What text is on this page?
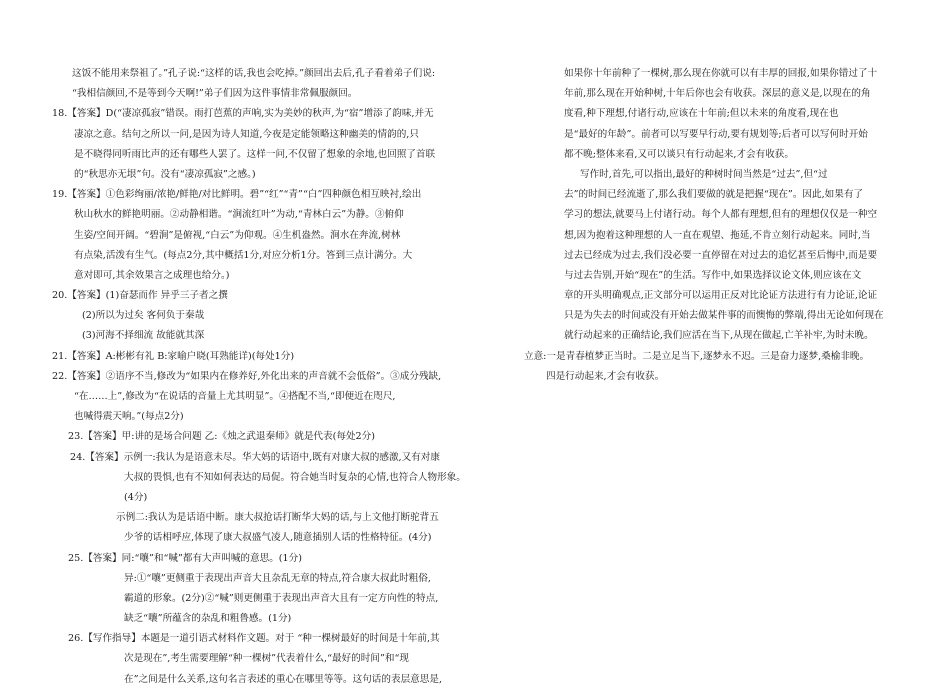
这饭不能用来祭祖了。”孔子说:“这样的话,我也会吃掉。”颜回出去后,孔子看着弟子们说:
“我相信颜回,不是等到今天啊!”弟子们因为这件事情非常佩服颜回。
18.【答案】D(“凄凉孤寂”错误。雨打芭蕉的声响,实为美妙的秋声,为“宿”增添了韵味,并无
凄凉之意。结句之所以一问,是因为诗人知道,今夜是定能领略这种幽美的情韵的,只
是不晓得同听雨比声的还有哪些人罢了。这样一问,不仅留了想象的余地,也回照了首联
的“秋思亦无垠”句。没有“凄凉孤寂”之感。)
19.【答案】①色彩绚丽/浓艳/鲜艳/对比鲜明。碧”“红”“青”“白”四种颜色相互映衬,绘出
秋山秋水的鲜艳明丽。②动静相谐。“涧流红叶”为动,“青林白云”为静。③俯仰
生姿/空间开阔。“碧涧”是俯视,“白云”为仰观。④生机盎然。涧水在奔流,树林
有点染,活泼有生气。(每点2分,其中概括1分,对应分析1分。答到三点计满分。大
意对即可,其余效果言之成理也给分。)
20.【答案】(1)奋瑟而作 异乎三子者之撰
(2)所以为过矣 客何负于秦哉
(3)河海不择细流 故能就其深
21.【答案】A:彬彬有礼 B:家喻户晓(耳熟能详)(每处1分)
22.【答案】②语序不当,修改为“如果内在修养好,外化出来的声音就不会低俗”。③成分残缺,
“在……上”,修改为“在说话的音量上尤其明显”。④搭配不当,“即便近在咫尺,
也喊得震天响。”(每点2分)
23.【答案】甲:讲的是场合问题 乙:《烛之武退秦师》就是代表(每处2分)
24.【答案】示例一:我认为是语意未尽。华大妈的话语中,既有对康大叔的感激,又有对康
大叔的畏惧,也有不知如何表达的局促。符合她当时复杂的心情,也符合人物形象。
(4分)
示例二:我认为是话语中断。康大叔抢话打断华大妈的话,与上文他打断驼背五
少爷的话相呼应,体现了康大叔盛气凌人,随意插别人话的性格特征。(4分)
25.【答案】同:“嚷”和“喊”都有大声叫喊的意思。(1分)
异:①“嚷”更侧重于表现出声音大且杂乱无章的特点,符合康大叔此时粗俗,
霸道的形象。(2分)②“喊”则更侧重于表现出声音大且有一定方向性的特点,
缺乏“嚷”所蕴含的杂乱和粗鲁感。(1分)
26.【写作指导】本题是一道引语式材料作文题。对于 “种一棵树最好的时间是十年前,其
次是现在”,考生需要理解“种一棵树”代表着什么,“最好的时间”和“现
在”之间是什么关系,这句名言表述的重心在哪里等等。这句话的表层意思是,
如果你十年前种了一棵树,那么现在你就可以有丰厚的回报,如果你错过了十
年前,那么现在开始种树,十年后你也会有收获。深层的意义是,以现在的角
度看,种下理想,付诸行动,应该在十年前;但以未来的角度看,现在也
是“最好的年龄”。前者可以写要早行动,要有规划等;后者可以写何时开始
都不晚;整体来看,又可以谈只有行动起来,才会有收获。
写作时,首先,可以指出,最好的种树时间当然是“过去”,但“过
去”的时间已经流逝了,那么我们要做的就是把握“现在”。因此,如果有了
学习的想法,就要马上付诸行动。每个人都有理想,但有的理想仅仅是一种空
想,因为抱着这种理想的人一直在观望、拖延,不肯立刻行动起来。同时,当
过去已经成为过去,我们没必要一直停留在对过去的追忆甚至后悔中,而是要
与过去告别,开始“现在”的生活。写作中,如果选择议论文体,则应该在文
章的开头明确观点,正文部分可以运用正反对比论证方法进行有力论证,论证
只是为失去的时间或没有开始去做某件事的而懊悔的弊端,得出无论如何现在
就行动起来的正确结论,我们应活在当下,从现在做起,亡羊补牢,为时未晚。
立意:一是青春植梦正当时。二是立足当下,逐梦永不迟。三是奋力逐梦,桑榆非晚。
四是行动起来,才会有收获。
